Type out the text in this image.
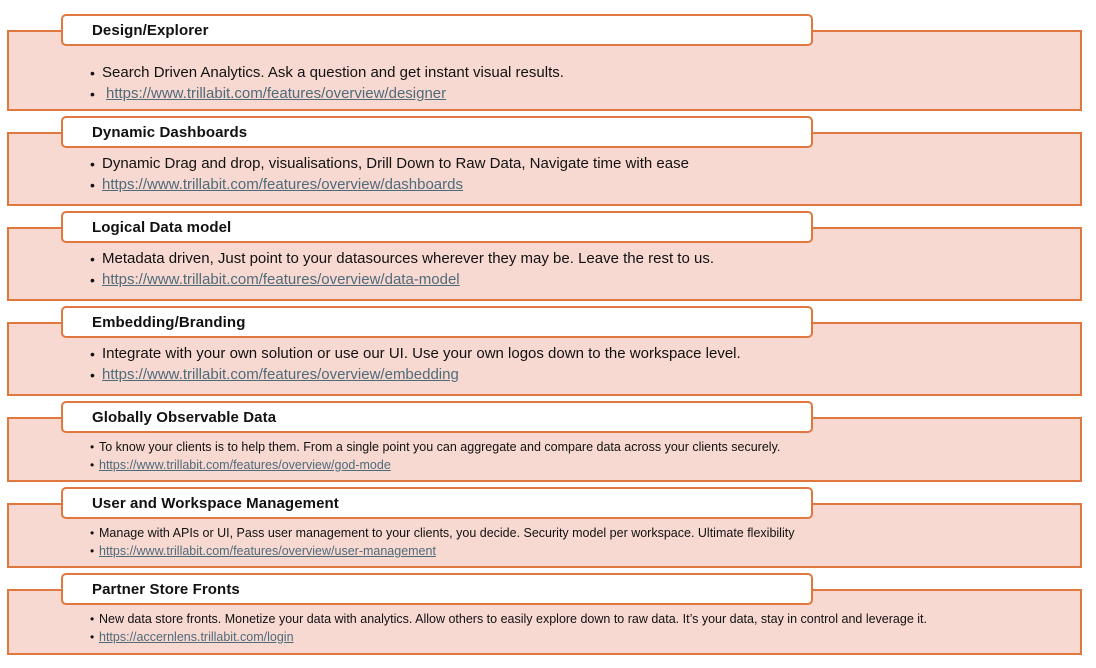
Design/Explorer
• Search Driven Analytics. Ask a question and get instant visual results.
• https://www.trillabit.com/features/overview/designer
Dynamic Dashboards
• Dynamic Drag and drop, visualisations, Drill Down to Raw Data, Navigate time with ease
• https://www.trillabit.com/features/overview/dashboards
Logical Data model
• Metadata driven, Just point to your datasources wherever they may be. Leave the rest to us.
• https://www.trillabit.com/features/overview/data-model
Embedding/Branding
• Integrate with your own solution or use our UI. Use your own logos down to the workspace level.
• https://www.trillabit.com/features/overview/embedding
Globally Observable Data
• To know your clients is to help them. From a single point you can aggregate and compare data across your clients securely.
• https://www.trillabit.com/features/overview/god-mode
User and Workspace Management
• Manage with APIs or UI, Pass user management to your clients, you decide. Security model per workspace. Ultimate flexibility
• https://www.trillabit.com/features/overview/user-management
Partner Store Fronts
• New data store fronts. Monetize your data with analytics. Allow others to easily explore down to raw data. It’s your data, stay in control and leverage it.
• https://accernlens.trillabit.com/login
